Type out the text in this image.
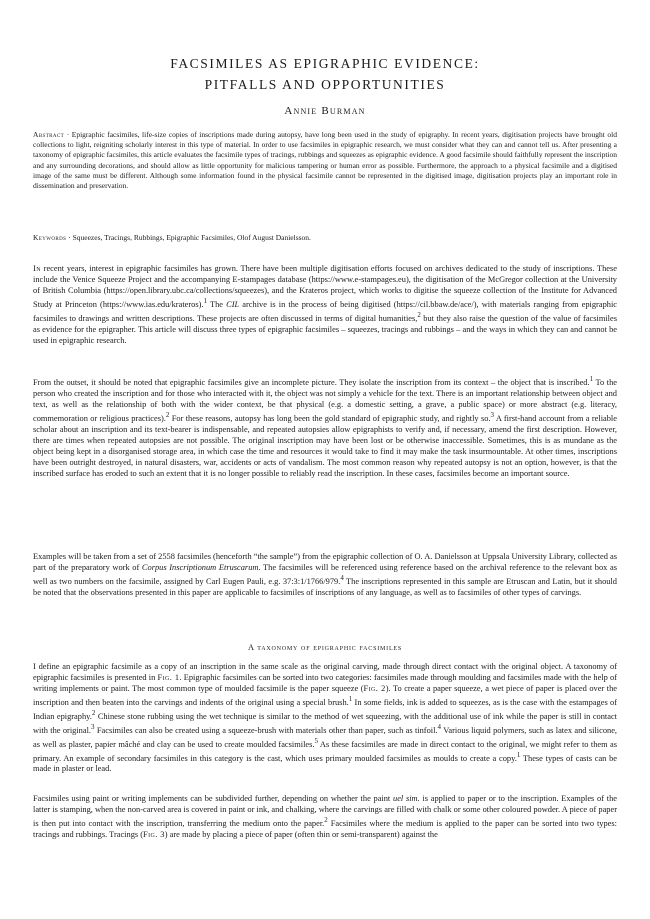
FACSIMILES AS EPIGRAPHIC EVIDENCE:
PITFALLS AND OPPORTUNITIES
Annie Burman

Abstract · Epigraphic facsimiles, life-size copies of inscriptions made during autopsy, have long been used in the study of epigraphy. In recent years, digitisation projects have brought old collections to light, reigniting scholarly interest in this type of material. In order to use facsimiles in epigraphic research, we must consider what they can and cannot tell us. After presenting a taxonomy of epigraphic facsimiles, this article evaluates the facsimile types of tracings, rubbings and squeezes as epigraphic evidence. A good facsimile should faithfully represent the inscription and any surrounding decorations, and should allow as little opportunity for malicious tampering or human error as possible. Furthermore, the approach to a physical facsimile and a digitised image of the same must be different. Although some information found in the physical facsimile cannot be represented in the digitised image, digitisation projects play an important role in dissemination and preservation.

Keywords · Squeezes, Tracings, Rubbings, Epigraphic Facsimiles, Olof August Danielsson.

In recent years, interest in epigraphic facsimiles has grown. There have been multiple digitisation efforts focused on archives dedicated to the study of inscriptions. These include the Venice Squeeze Project and the accompanying E-stampages database (https://www.e-stampages.eu), the digitisation of the McGregor collection at the University of British Columbia (https://open.library.ubc.ca/collections/squeezes), and the Krateros project, which works to digitise the squeeze collection of the Institute for Advanced Study at Princeton (https://www.ias.edu/krateros).$^1$ The CIL archive is in the process of being digitised (https://cil.bbaw.de/ace/), with materials ranging from epigraphic facsimiles to drawings and written descriptions. These projects are often discussed in terms of digital humanities,$^2$ but they also raise the question of the value of facsimiles as evidence for the epigrapher. This article will discuss three types of epigraphic facsimiles – squeezes, tracings and rubbings – and the ways in which they can and cannot be used in epigraphic research.

From the outset, it should be noted that epigraphic facsimiles give an incomplete picture. They isolate the inscription from its context – the object that is inscribed.$^1$ To the person who created the inscription and for those who interacted with it, the object was not simply a vehicle for the text. There is an important relationship between object and text, as well as the relationship of both with the wider context, be that physical (e.g. a domestic setting, a grave, a public space) or more abstract (e.g. literacy, commemoration or religious practices).$^2$ For these reasons, autopsy has long been the gold standard of epigraphic study, and rightly so.$^3$ A first-hand account from a reliable scholar about an inscription and its text-bearer is indispensable, and repeated autopsies allow epigraphists to verify and, if necessary, amend the first description. However, there are times when repeated autopsies are not possible. The original inscription may have been lost or be otherwise inaccessible. Sometimes, this is as mundane as the object being kept in a disorganised storage area, in which case the time and resources it would take to find it may make the task insurmountable. At other times, inscriptions have been outright destroyed, in natural disasters, war, accidents or acts of vandalism. The most common reason why repeated autopsy is not an option, however, is that the inscribed surface has eroded to such an extent that it is no longer possible to reliably read the inscription. In these cases, facsimiles become an important source.

Examples will be taken from a set of 2558 facsimiles (henceforth “the sample”) from the epigraphic collection of O. A. Danielsson at Uppsala University Library, collected as part of the preparatory work of Corpus Inscriptionum Etruscarum. The facsimiles will be referenced using reference based on the archival reference to the relevant box as well as two numbers on the facsimile, assigned by Carl Eugen Pauli, e.g. 37:3:1/1766/979.$^4$ The inscriptions represented in this sample are Etruscan and Latin, but it should be noted that the observations presented in this paper are applicable to facsimiles of inscriptions of any language, as well as to facsimiles of other types of carvings.

A taxonomy of epigraphic facsimiles

I define an epigraphic facsimile as a copy of an inscription in the same scale as the original carving, made through direct contact with the original object. A taxonomy of epigraphic facsimiles is presented in Fig. 1. Epigraphic facsimiles can be sorted into two categories: facsimiles made through moulding and facsimiles made with the help of writing implements or paint. The most common type of moulded facsimile is the paper squeeze (Fig. 2). To create a paper squeeze, a wet piece of paper is placed over the inscription and then beaten into the carvings and indents of the original using a special brush.$^1$ In some fields, ink is added to squeezes, as is the case with the estampages of Indian epigraphy.$^2$ Chinese stone rubbing using the wet technique is similar to the method of wet squeezing, with the additional use of ink while the paper is still in contact with the original.$^3$ Facsimiles can also be created using a squeeze-brush with materials other than paper, such as tinfoil.$^4$ Various liquid polymers, such as latex and silicone, as well as plaster, papier mâché and clay can be used to create moulded facsimiles.$^5$ As these facsimiles are made in direct contact to the original, we might refer to them as primary. An example of secondary facsimiles in this category is the cast, which uses primary moulded facsimiles as moulds to create a copy.$^1$ These types of casts can be made in plaster or lead.

Facsimiles using paint or writing implements can be subdivided further, depending on whether the paint uel sim. is applied to paper or to the inscription. Examples of the latter is stamping, when the non-carved area is covered in paint or ink, and chalking, where the carvings are filled with chalk or some other coloured powder. A piece of paper is then put into contact with the inscription, transferring the medium onto the paper.$^2$ Facsimiles where the medium is applied to the paper can be sorted into two types: tracings and rubbings. Tracings (Fig. 3) are made by placing a piece of paper (often thin or semi-transparent) against the
